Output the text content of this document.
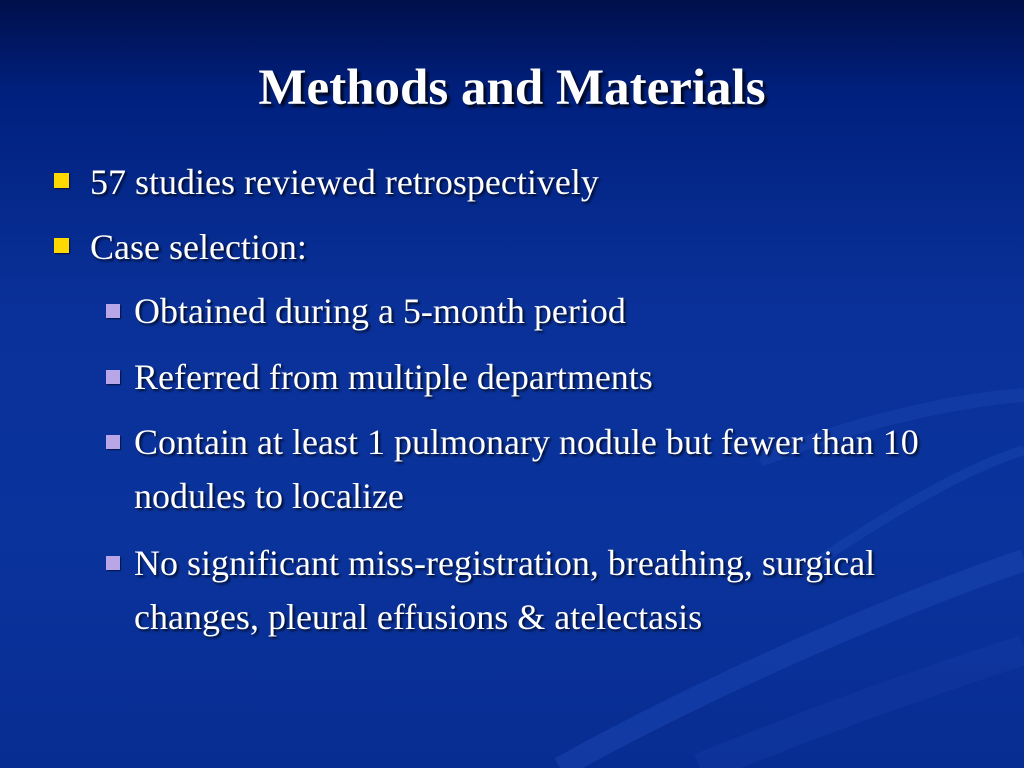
Methods and Materials
57 studies reviewed retrospectively
Case selection:
Obtained during a 5-month period
Referred from multiple departments
Contain at least 1 pulmonary nodule but fewer than 10 nodules to localize
No significant miss-registration, breathing, surgical changes, pleural effusions & atelectasis
